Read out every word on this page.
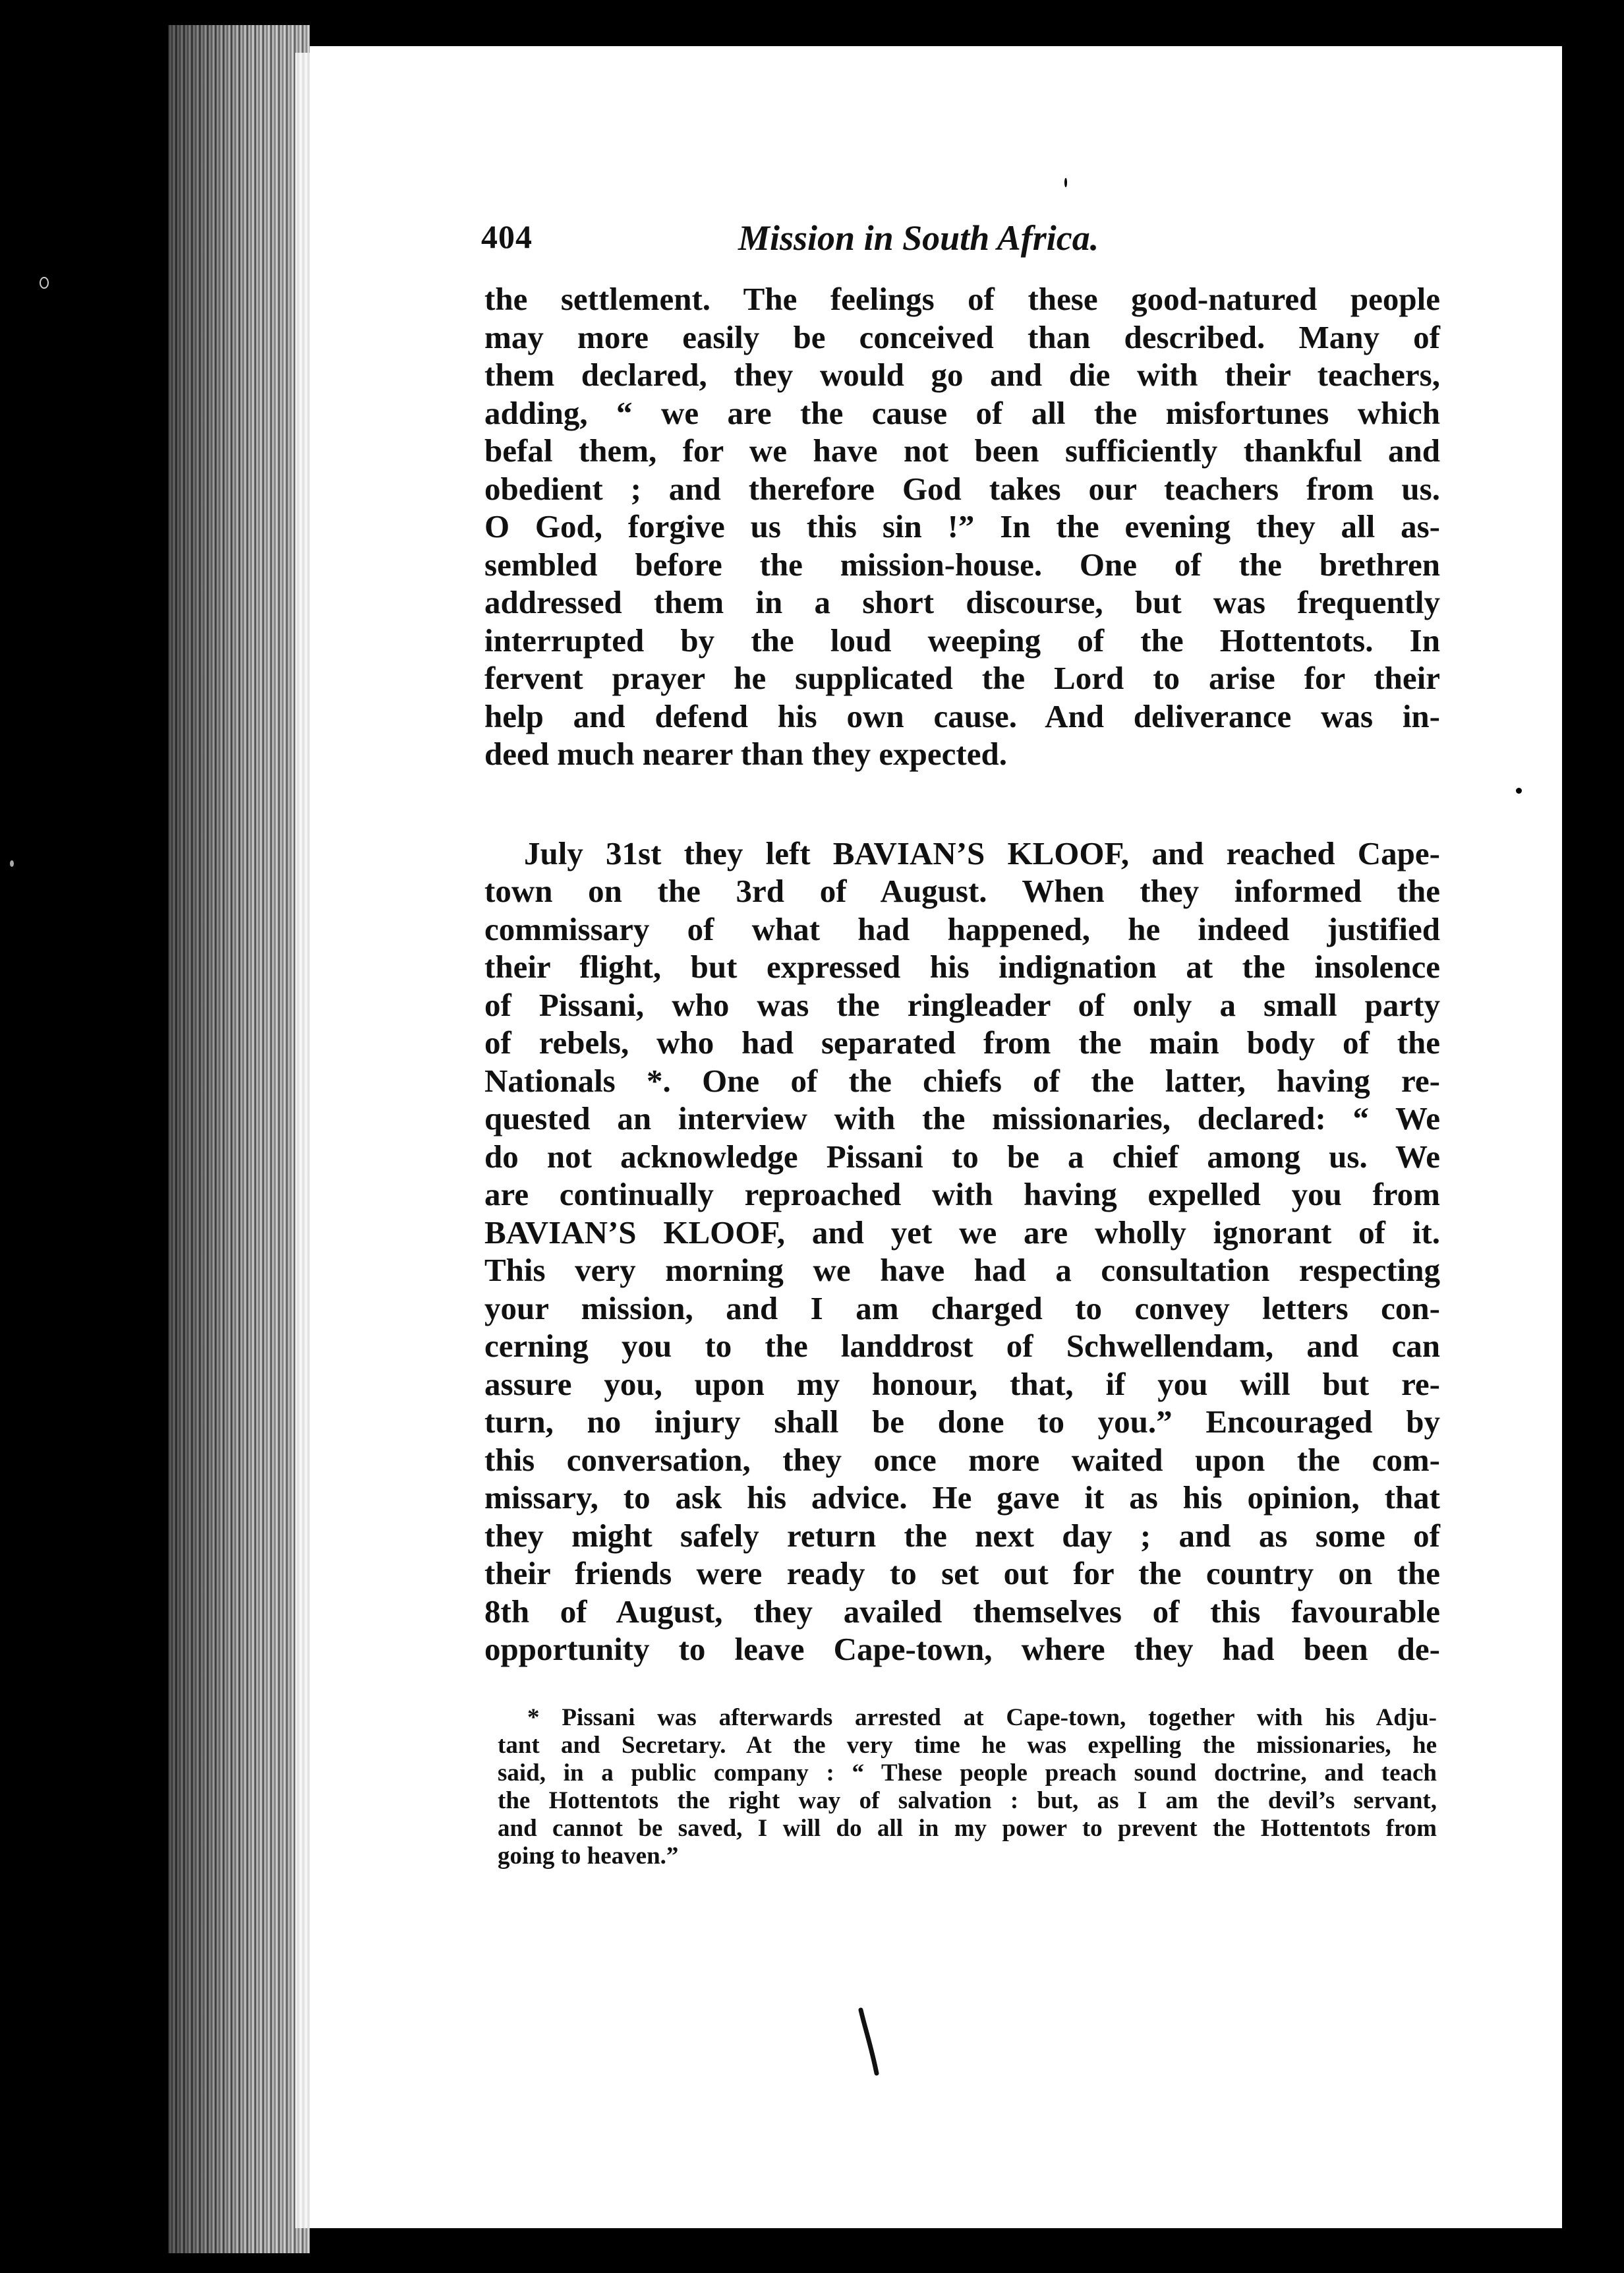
404	Mission in South Africa.
the settlement. The feelings of these good-natured people
may more easily be conceived than described. Many of
them declared, they would go and die with their teachers,
adding, “ we are the cause of all the misfortunes which
befal them, for we have not been sufficiently thankful and
obedient ; and therefore God takes our teachers from us.
O God, forgive us this sin !” In the evening they all as-
sembled before the mission-house. One of the brethren
addressed them in a short discourse, but was frequently
interrupted by the loud weeping of the Hottentots. In
fervent prayer he supplicated the Lord to arise for their
help and defend his own cause. And deliverance was in-
deed much nearer than they expected.
July 31st they left BAVIAN’S KLOOF, and reached Cape-
town on the 3rd of August. When they informed the
commissary of what had happened, he indeed justified
their flight, but expressed his indignation at the insolence
of Pissani, who was the ringleader of only a small party
of rebels, who had separated from the main body of the
Nationals *. One of the chiefs of the latter, having re-
quested an interview with the missionaries, declared: “ We
do not acknowledge Pissani to be a chief among us. We
are continually reproached with having expelled you from
BAVIAN’S KLOOF, and yet we are wholly ignorant of it.
This very morning we have had a consultation respecting
your mission, and I am charged to convey letters con-
cerning you to the landdrost of Schwellendam, and can
assure you, upon my honour, that, if you will but re-
turn, no injury shall be done to you.” Encouraged by
this conversation, they once more waited upon the com-
missary, to ask his advice. He gave it as his opinion, that
they might safely return the next day ; and as some of
their friends were ready to set out for the country on the
8th of August, they availed themselves of this favourable
opportunity to leave Cape-town, where they had been de-
* Pissani was afterwards arrested at Cape-town, together with his Adju-
tant and Secretary. At the very time he was expelling the missionaries, he
said, in a public company : “ These people preach sound doctrine, and teach
the Hottentots the right way of salvation : but, as I am the devil’s servant,
and cannot be saved, I will do all in my power to prevent the Hottentots from
going to heaven.”
